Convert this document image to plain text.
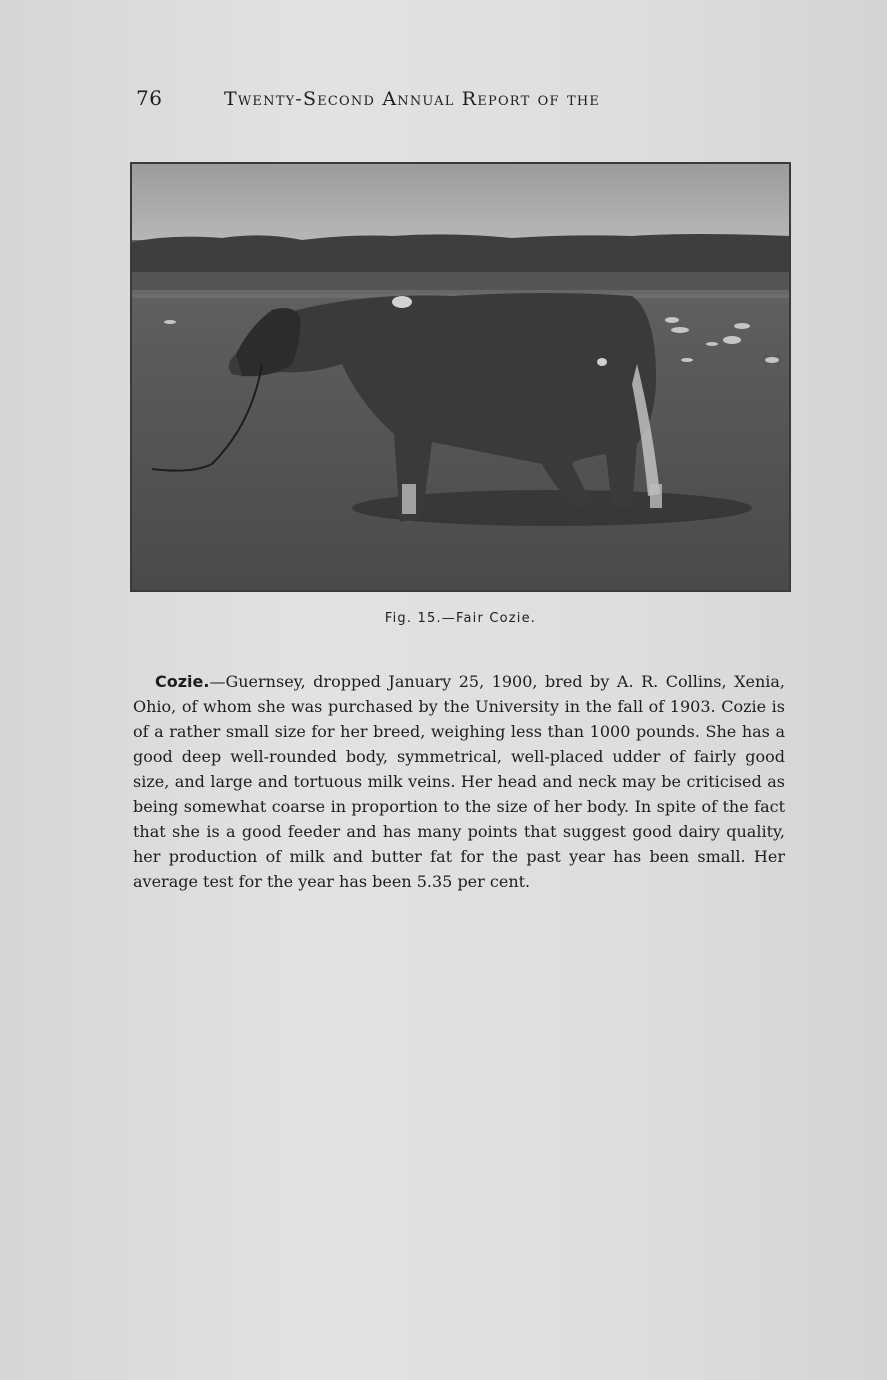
76	Twenty-Second Annual Report of the
Fig. 15.—Fair Cozie.

Cozie.—Guernsey, dropped January 25, 1900, bred by A. R. Collins, Xenia, Ohio, of whom she was purchased by the University in the fall of 1903. Cozie is of a rather small size for her breed, weighing less than 1000 pounds. She has a good deep well-rounded body, symmetrical, well-placed udder of fairly good size, and large and tortuous milk veins. Her head and neck may be criticised as being somewhat coarse in proportion to the size of her body. In spite of the fact that she is a good feeder and has many points that suggest good dairy quality, her production of milk and butter fat for the past year has been small. Her average test for the year has been 5.35 per cent.
